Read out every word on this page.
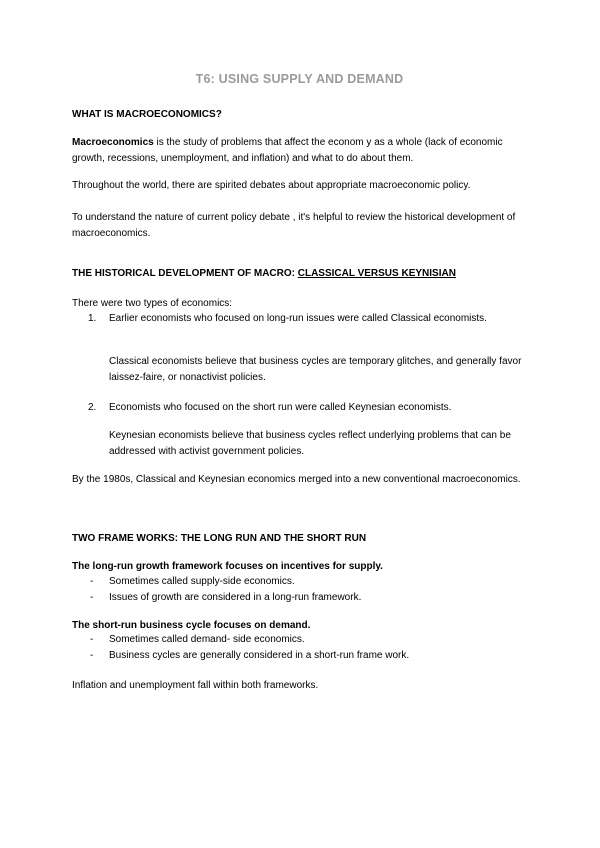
T6: USING SUPPLY AND DEMAND
WHAT IS MACROECONOMICS?
Macroeconomics is the study of problems that affect the econom y as a whole (lack of economic growth, recessions, unemployment, and inflation) and what to do about them.
Throughout the world, there are spirited debates about appropriate macroeconomic policy.
To understand the nature of current policy debate , it's helpful to review the historical development of macroeconomics.
THE HISTORICAL DEVELOPMENT OF MACRO: CLASSICAL VERSUS KEYNISIAN
There were two types of economics:
1. Earlier economists who focused on long-run issues were called Classical economists.
Classical economists believe that business cycles are temporary glitches, and generally favor laissez-faire, or nonactivist policies.
2. Economists who focused on the short run were called Keynesian economists.
Keynesian economists believe that business cycles reflect underlying problems that can be addressed with activist government policies.
By the 1980s, Classical and Keynesian economics merged into a new conventional macroeconomics.
TWO FRAME WORKS: THE LONG RUN AND THE SHORT RUN
The long-run growth framework focuses on incentives for supply.
- Sometimes called supply-side economics.
- Issues of growth are considered in a long-run framework.
The short-run business cycle focuses on demand.
- Sometimes called demand- side economics.
- Business cycles are generally considered in a short-run frame work.
Inflation and unemployment fall within both frameworks.
